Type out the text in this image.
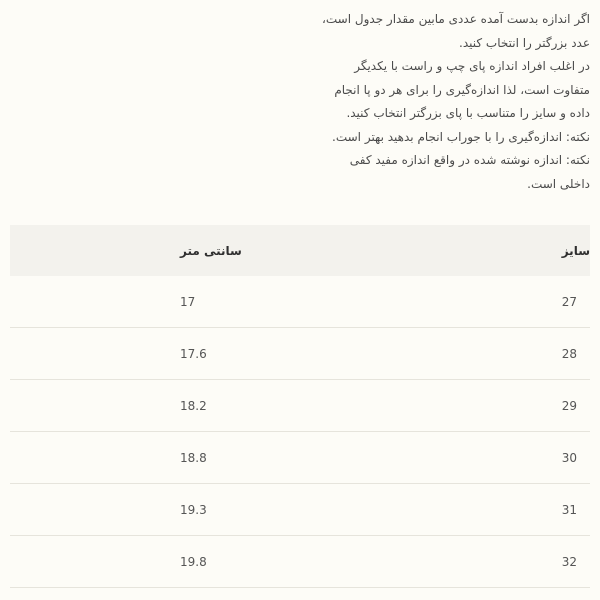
اگر اندازه بدست آمده عددی مابین مقدار جدول است،
عدد بزرگتر را انتخاب کنید.
در اغلب افراد اندازه پای چپ و راست با یکدیگر
متفاوت است، لذا اندازه‌گیری را برای هر دو پا انجام
داده و سایز را متناسب با پای بزرگتر انتخاب کنید.
نکته: اندازه‌گیری را با جوراب انجام بدهید بهتر است.
نکته: اندازه نوشته شده در واقع اندازه مفید کفی
داخلی است.
سانتی متر	سایز
17	27
17.6	28
18.2	29
18.8	30
19.3	31
19.8	32
